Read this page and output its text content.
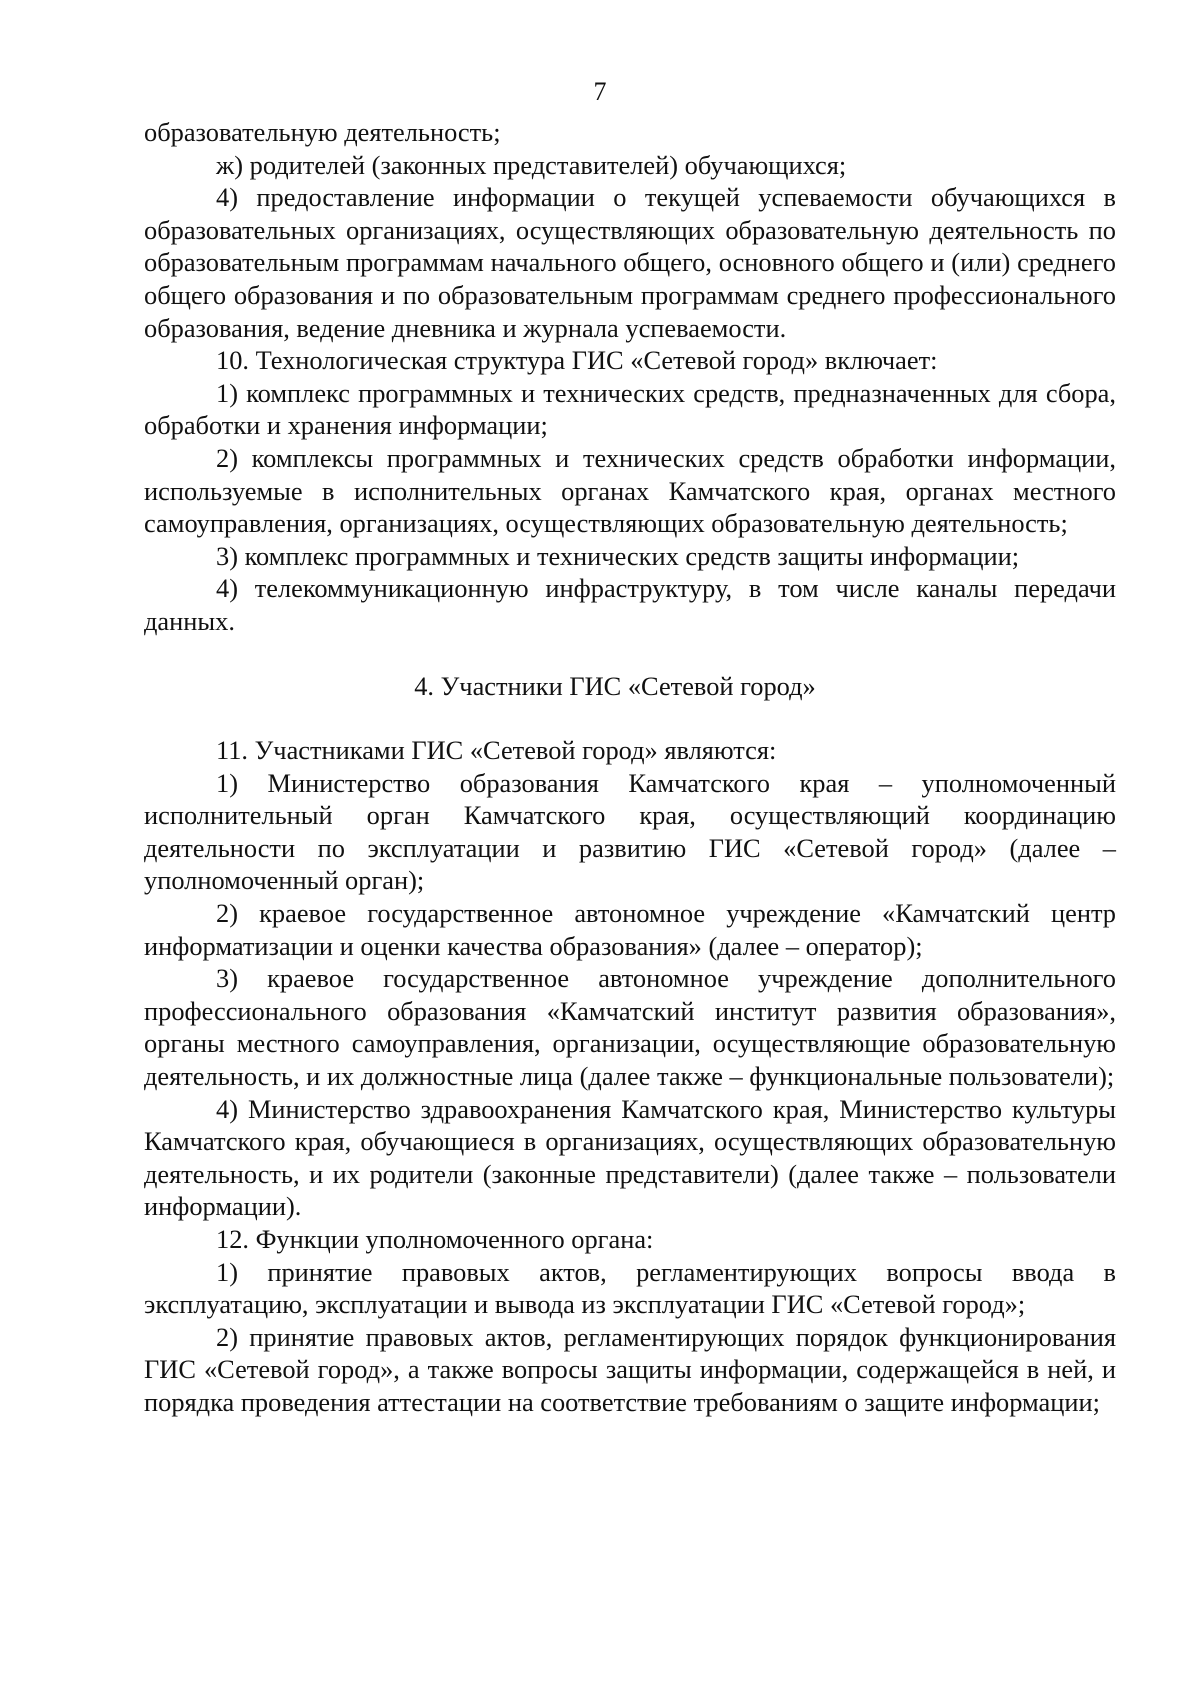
7

образовательную деятельность;

ж) родителей (законных представителей) обучающихся;

4) предоставление информации о текущей успеваемости обучающихся в образовательных организациях, осуществляющих образовательную деятельность по образовательным программам начального общего, основного общего и (или) среднего общего образования и по образовательным программам среднего профессионального образования, ведение дневника и журнала успеваемости.

10. Технологическая структура ГИС «Сетевой город» включает:

1) комплекс программных и технических средств, предназначенных для сбора, обработки и хранения информации;

2) комплексы программных и технических средств обработки информации, используемые в исполнительных органах Камчатского края, органах местного самоуправления, организациях, осуществляющих образовательную деятельность;

3) комплекс программных и технических средств защиты информации;

4) телекоммуникационную инфраструктуру, в том числе каналы передачи данных.

4. Участники ГИС «Сетевой город»

11. Участниками ГИС «Сетевой город» являются:

1) Министерство образования Камчатского края – уполномоченный исполнительный орган Камчатского края, осуществляющий координацию деятельности по эксплуатации и развитию ГИС «Сетевой город» (далее – уполномоченный орган);

2) краевое государственное автономное учреждение «Камчатский центр информатизации и оценки качества образования» (далее – оператор);

3) краевое государственное автономное учреждение дополнительного профессионального образования «Камчатский институт развития образования», органы местного самоуправления, организации, осуществляющие образовательную деятельность, и их должностные лица (далее также – функциональные пользователи);

4) Министерство здравоохранения Камчатского края, Министерство культуры Камчатского края, обучающиеся в организациях, осуществляющих образовательную деятельность, и их родители (законные представители) (далее также – пользователи информации).

12. Функции уполномоченного органа:

1) принятие правовых актов, регламентирующих вопросы ввода в эксплуатацию, эксплуатации и вывода из эксплуатации ГИС «Сетевой город»;

2) принятие правовых актов, регламентирующих порядок функционирования ГИС «Сетевой город», а также вопросы защиты информации, содержащейся в ней, и порядка проведения аттестации на соответствие требованиям о защите информации;
